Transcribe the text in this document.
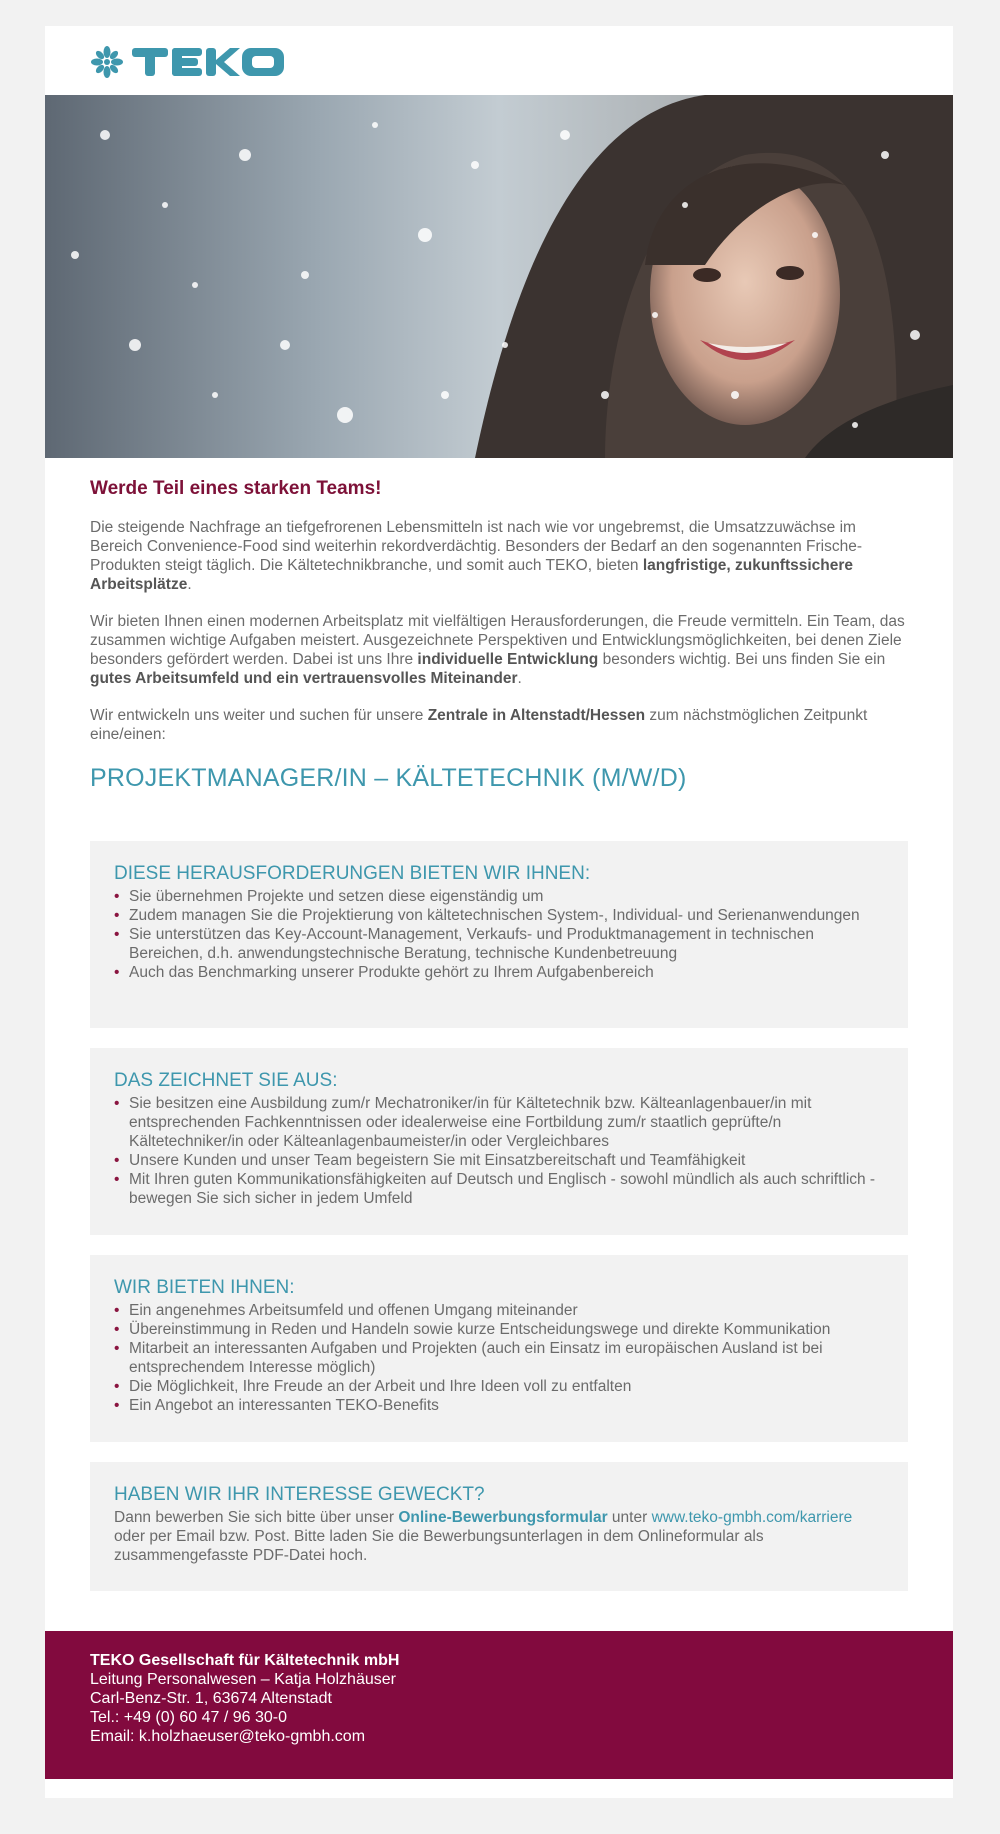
Werde Teil eines starken Teams!

Die steigende Nachfrage an tiefgefrorenen Lebensmitteln ist nach wie vor ungebremst, die Umsatzzuwächse im Bereich Convenience-Food sind weiterhin rekordverdächtig. Besonders der Bedarf an den sogenannten Frische-Produkten steigt täglich. Die Kältetechnikbranche, und somit auch TEKO, bieten langfristige, zukunftssichere Arbeitsplätze.

Wir bieten Ihnen einen modernen Arbeitsplatz mit vielfältigen Herausforderungen, die Freude vermitteln. Ein Team, das zusammen wichtige Aufgaben meistert. Ausgezeichnete Perspektiven und Entwicklungsmöglichkeiten, bei denen Ziele besonders gefördert werden. Dabei ist uns Ihre individuelle Entwicklung besonders wichtig. Bei uns finden Sie ein gutes Arbeitsumfeld und ein vertrauensvolles Miteinander.

Wir entwickeln uns weiter und suchen für unsere Zentrale in Altenstadt/Hessen zum nächstmöglichen Zeitpunkt eine/einen:

PROJEKTMANAGER/IN – KÄLTETECHNIK (M/W/D)
DIESE HERAUSFORDERUNGEN BIETEN WIR IHNEN:
• Sie übernehmen Projekte und setzen diese eigenständig um
• Zudem managen Sie die Projektierung von kältetechnischen System-, Individual- und Serienanwendungen
• Sie unterstützen das Key-Account-Management, Verkaufs- und Produktmanagement in technischen Bereichen, d.h. anwendungstechnische Beratung, technische Kundenbetreuung
• Auch das Benchmarking unserer Produkte gehört zu Ihrem Aufgabenbereich
DAS ZEICHNET SIE AUS:
• Sie besitzen eine Ausbildung zum/r Mechatroniker/in für Kältetechnik bzw. Kälteanlagenbauer/in mit entsprechenden Fachkenntnissen oder idealerweise eine Fortbildung zum/r staatlich geprüfte/n Kältetechniker/in oder Kälteanlagenbaumeister/in oder Vergleichbares
• Unsere Kunden und unser Team begeistern Sie mit Einsatzbereitschaft und Teamfähigkeit
• Mit Ihren guten Kommunikationsfähigkeiten auf Deutsch und Englisch - sowohl mündlich als auch schriftlich - bewegen Sie sich sicher in jedem Umfeld
WIR BIETEN IHNEN:
• Ein angenehmes Arbeitsumfeld und offenen Umgang miteinander
• Übereinstimmung in Reden und Handeln sowie kurze Entscheidungswege und direkte Kommunikation
• Mitarbeit an interessanten Aufgaben und Projekten (auch ein Einsatz im europäischen Ausland ist bei entsprechendem Interesse möglich)
• Die Möglichkeit, Ihre Freude an der Arbeit und Ihre Ideen voll zu entfalten
• Ein Angebot an interessanten TEKO-Benefits
HABEN WIR IHR INTERESSE GEWECKT?

Dann bewerben Sie sich bitte über unser Online-Bewerbungsformular unter www.teko-gmbh.com/karriere oder per Email bzw. Post. Bitte laden Sie die Bewerbungsunterlagen in dem Onlineformular als zusammengefasste PDF-Datei hoch.

TEKO Gesellschaft für Kältetechnik mbH
Leitung Personalwesen – Katja Holzhäuser
Carl-Benz-Str. 1, 63674 Altenstadt
Tel.: +49 (0) 60 47 / 96 30-0
Email: k.holzhaeuser@teko-gmbh.com
